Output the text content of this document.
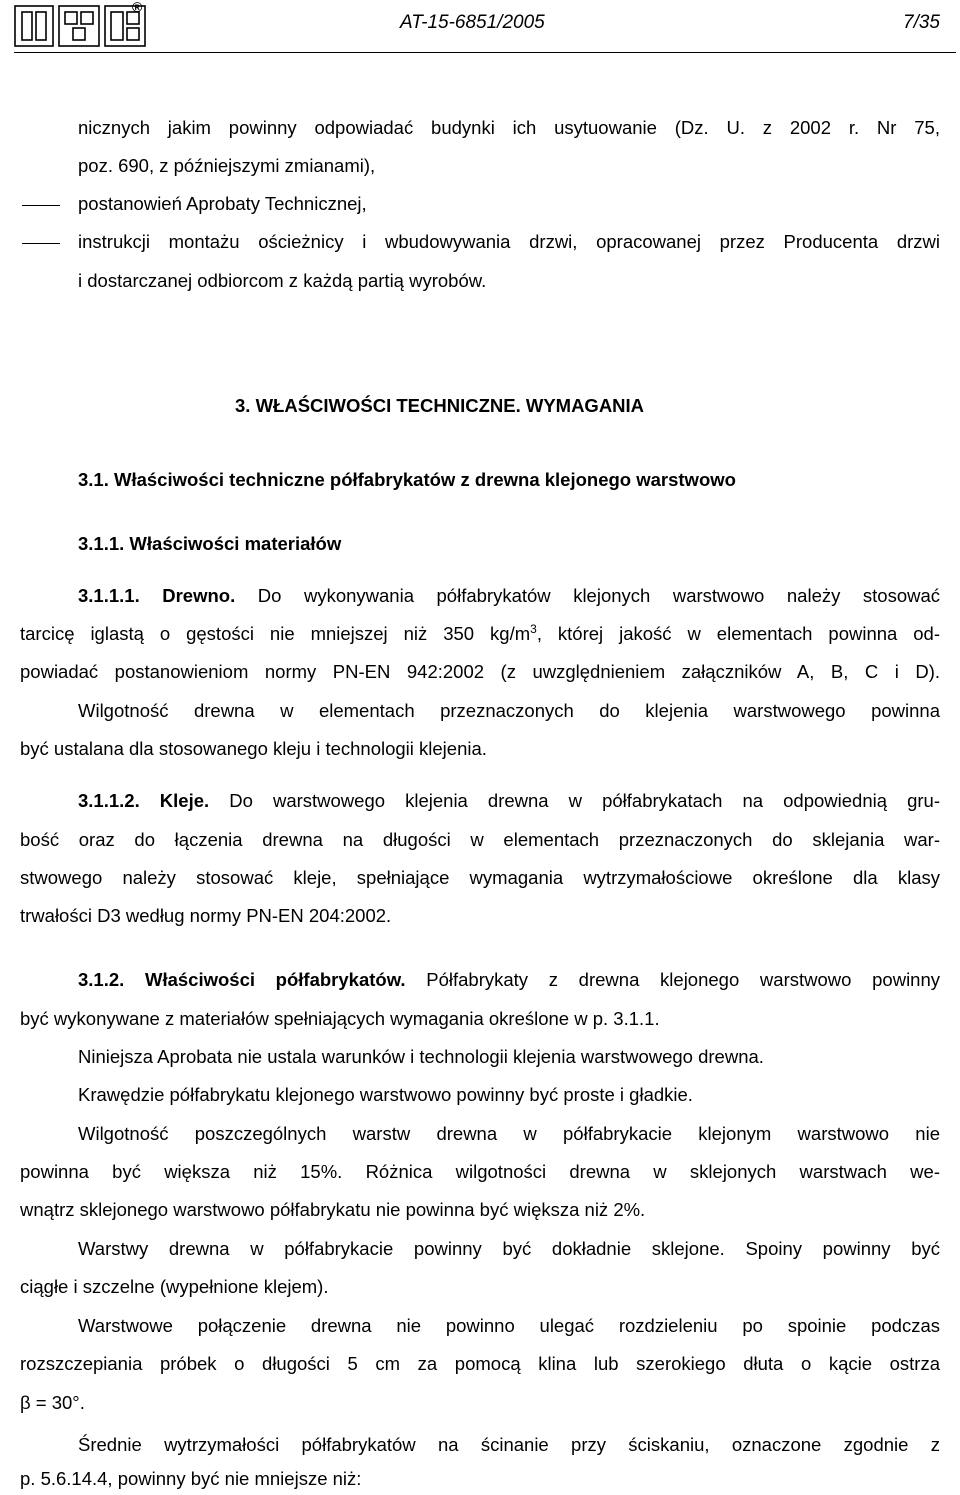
®
AT-15-6851/2005	7/35
nicznych jakim powinny odpowiadać budynki ich usytuowanie (Dz. U. z 2002 r. Nr 75,
poz. 690, z późniejszymi zmianami),
postanowień Aprobaty Technicznej,
instrukcji montażu ościeżnicy i wbudowywania drzwi, opracowanej przez Producenta drzwi
i dostarczanej odbiorcom z każdą partią wyrobów.
3. WŁAŚCIWOŚCI TECHNICZNE. WYMAGANIA
3.1. Właściwości techniczne półfabrykatów z drewna klejonego warstwowo
3.1.1. Właściwości materiałów
3.1.1.1. Drewno. Do wykonywania półfabrykatów klejonych warstwowo należy stosować
tarcicę iglastą o gęstości nie mniejszej niż 350 $kg/m^3$, której jakość w elementach powinna od-
powiadać postanowieniom normy PN-EN 942:2002 (z uwzględnieniem załączników A, B, C i D).
Wilgotność drewna w elementach przeznaczonych do klejenia warstwowego powinna
być ustalana dla stosowanego kleju i technologii klejenia.
3.1.1.2. Kleje. Do warstwowego klejenia drewna w półfabrykatach na odpowiednią gru-
bość oraz do łączenia drewna na długości w elementach przeznaczonych do sklejania war-
stwowego należy stosować kleje, spełniające wymagania wytrzymałościowe określone dla klasy
trwałości D3 według normy PN-EN 204:2002.
3.1.2. Właściwości półfabrykatów. Półfabrykaty z drewna klejonego warstwowo powinny
być wykonywane z materiałów spełniających wymagania określone w p. 3.1.1.
Niniejsza Aprobata nie ustala warunków i technologii klejenia warstwowego drewna.
Krawędzie półfabrykatu klejonego warstwowo powinny być proste i gładkie.
Wilgotność poszczególnych warstw drewna w półfabrykacie klejonym warstwowo nie
powinna być większa niż 15%. Różnica wilgotności drewna w sklejonych warstwach we-
wnątrz sklejonego warstwowo półfabrykatu nie powinna być większa niż 2%.
Warstwy drewna w półfabrykacie powinny być dokładnie sklejone. Spoiny powinny być
ciągłe i szczelne (wypełnione klejem).
Warstwowe połączenie drewna nie powinno ulegać rozdzieleniu po spoinie podczas
rozszczepiania próbek o długości 5 cm za pomocą klina lub szerokiego dłuta o kącie ostrza
β = 30°.
Średnie wytrzymałości półfabrykatów na ścinanie przy ściskaniu, oznaczone zgodnie z
p. 5.6.14.4, powinny być nie mniejsze niż:
